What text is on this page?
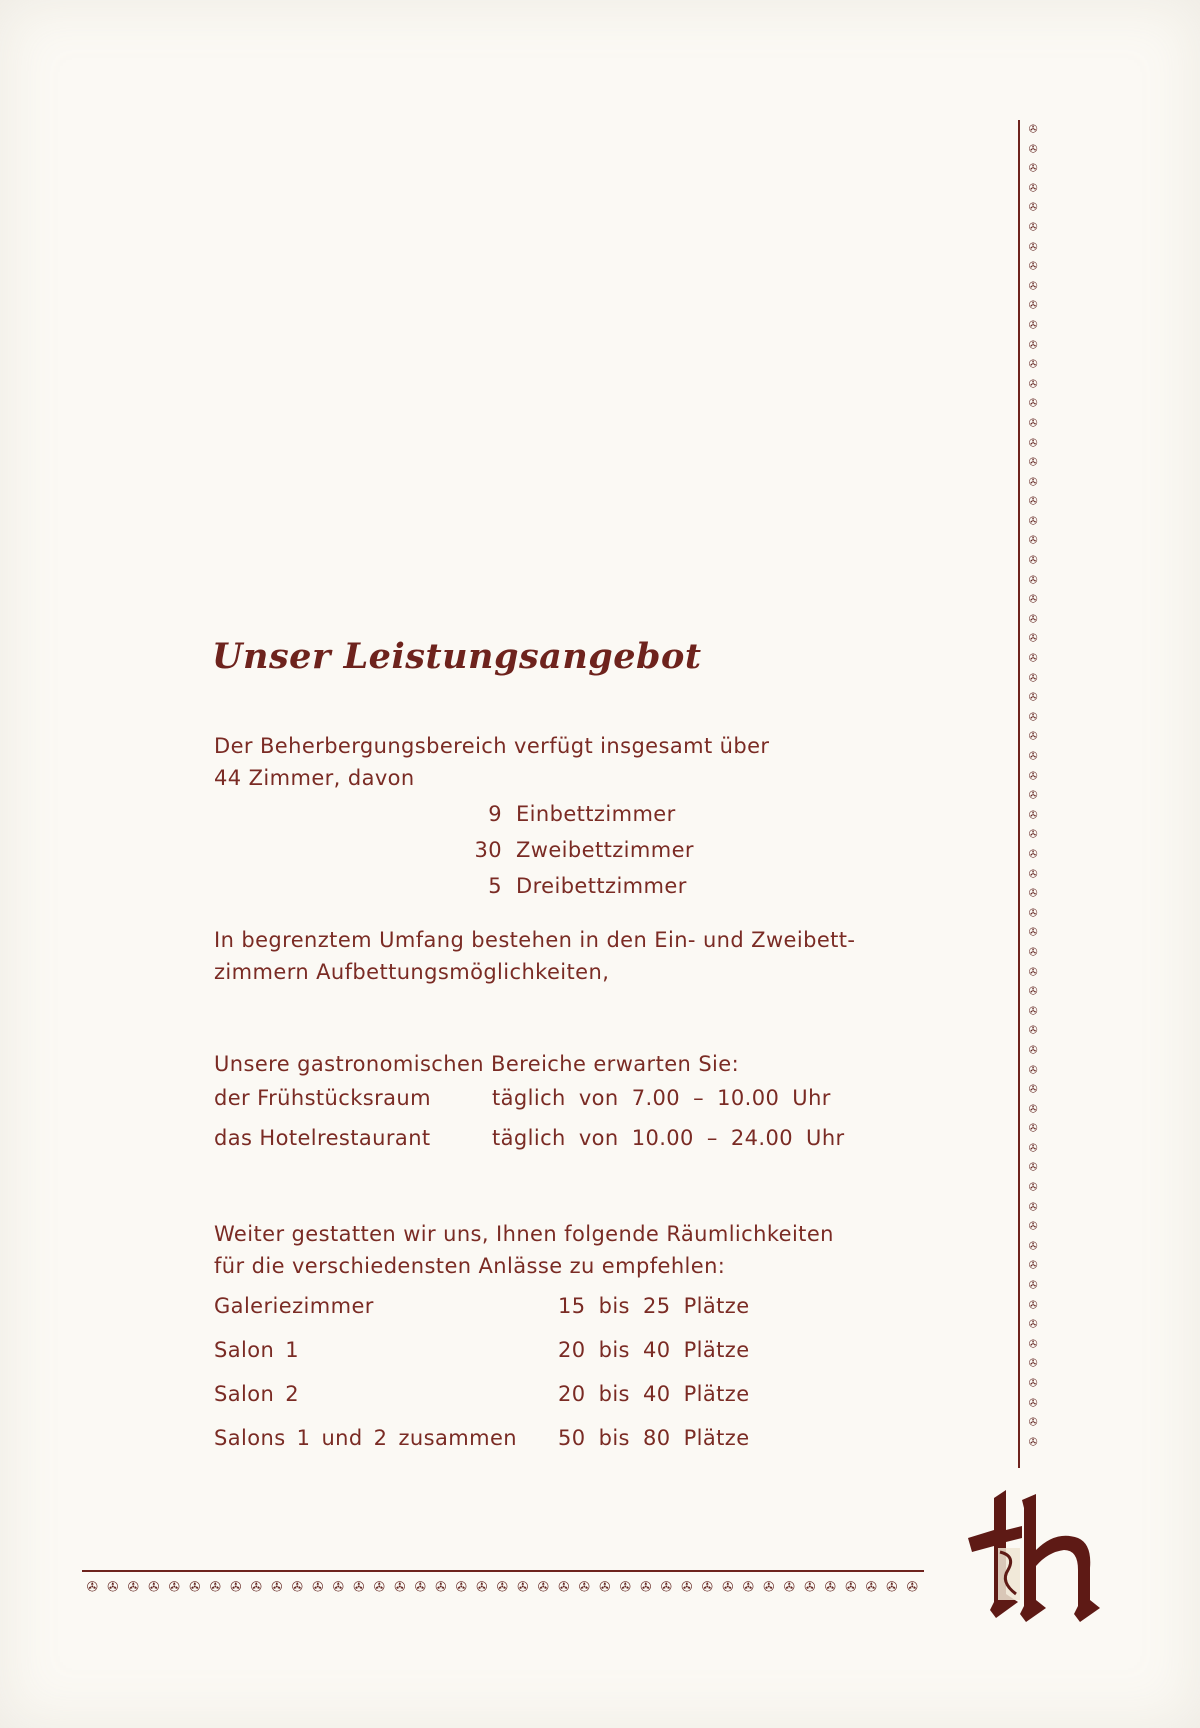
Unser Leistungsangebot
Der Beherbergungsbereich verfügt insgesamt über
44 Zimmer, davon
9 Einbettzimmer
30 Zweibettzimmer
5 Dreibettzimmer
In begrenztem Umfang bestehen in den Ein- und Zweibett-
zimmern Aufbettungsmöglichkeiten,
Unsere gastronomischen Bereiche erwarten Sie:
der Frühstücksraum	täglich von 7.00 – 10.00 Uhr
das Hotelrestaurant	täglich von 10.00 – 24.00 Uhr
Weiter gestatten wir uns, Ihnen folgende Räumlichkeiten
für die verschiedensten Anlässe zu empfehlen:
Galeriezimmer	15 bis 25 Plätze
Salon 1	20 bis 40 Plätze
Salon 2	20 bis 40 Plätze
Salons 1 und 2 zusammen	50 bis 80 Plätze
✇
✇
✇
✇
✇
✇
✇
✇
✇
✇
✇
✇
✇
✇
✇
✇
✇
✇
✇
✇
✇
✇
✇
✇
✇
✇
✇
✇
✇
✇
✇
✇
✇
✇
✇
✇
✇
✇
✇
✇
✇
✇
✇
✇
✇
✇
✇
✇
✇
✇
✇
✇
✇
✇
✇
✇
✇
✇
✇
✇
✇
✇
✇
✇
✇
✇
✇
✇
✇ ✇ ✇ ✇ ✇ ✇ ✇ ✇ ✇ ✇ ✇ ✇ ✇ ✇ ✇ ✇ ✇ ✇ ✇ ✇ ✇ ✇ ✇ ✇ ✇ ✇ ✇ ✇ ✇ ✇ ✇ ✇ ✇ ✇ ✇ ✇ ✇ ✇ ✇ ✇ ✇
